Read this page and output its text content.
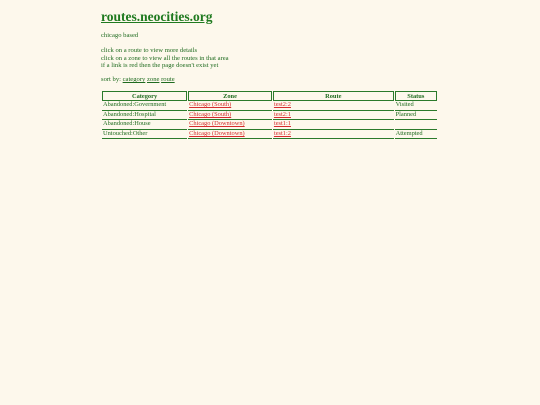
routes.neocities.org
chicago based
click on a route to view more details
click on a zone to view all the routes in that area
if a link is red then the page doesn't exist yet
sort by: category zone route
Category	Zone	Route	Status
Abandoned:Government	Chicago (South)	test2:2	Visited
Abandoned:Hospital	Chicago (South)	test2:1	Planned
Abandoned:House	Chicago (Downtown)	test1:1	
Untouched:Other	Chicago (Downtown)	test1:2	Attempted
